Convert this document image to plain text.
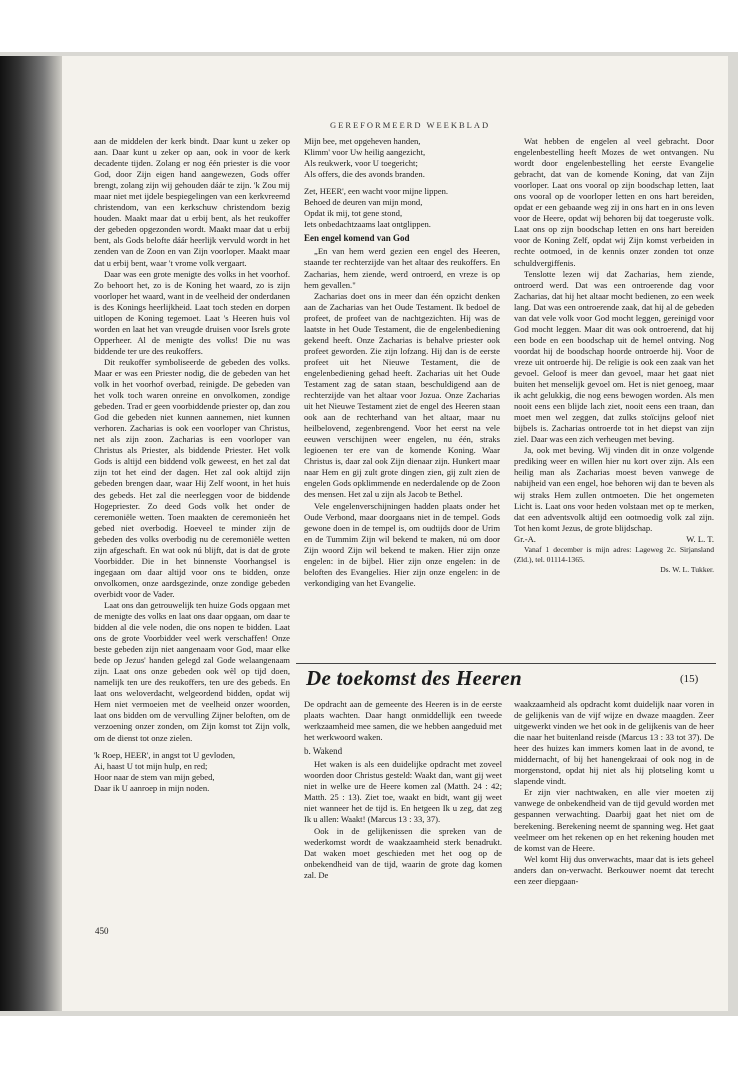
GEREFORMEERD WEEKBLAD

aan de middelen der kerk bindt. Daar kunt u zeker op aan. Daar kunt u zeker op aan, ook in voor de kerk decadente tijden. Zolang er nog één priester is die voor God, door Zijn eigen hand aangewezen, Gods offer brengt, zolang zijn wij gehouden dáár te zijn. 'k Zou mij maar niet met ijdele bespiegelingen van een kerkvreemd christendom, van een kerkschuw christendom bezig houden. Maakt maar dat u erbij bent, als het reukoffer der gebeden opgezonden wordt. Maakt maar dat u erbij bent, als Gods belofte dáár heerlijk vervuld wordt in het zenden van de Zoon en van Zijn voorloper. Maakt maar dat u erbij bent, waar 't vrome volk vergaart.

Daar was een grote menigte des volks in het voorhof. Zo behoort het, zo is de Koning het waard, zo is zijn voorloper het waard, want in de veelheid der onderdanen is des Konings heerlijkheid. Laat toch steden en dorpen uitlopen de Koning tegemoet. Laat 's Heeren huis vol worden en laat het van vreugde druisen voor Isrels grote Opperheer. Al de menigte des volks! Die nu was biddende ter ure des reukoffers.

Dit reukoffer symboliseerde de gebeden des volks. Maar er was een Priester nodig, die de gebeden van het volk in het voorhof overbad, reinigde. De gebeden van het volk toch waren onreine en onvolkomen, zondige gebeden. Trad er geen voorbiddende priester op, dan zou God die gebeden niet kunnen aannemen, niet kunnen verhoren. Zacharias is ook een voorloper van Christus, net als zijn zoon. Zacharias is een voorloper van Christus als Priester, als biddende Priester. Het volk Gods is altijd een biddend volk geweest, en het zal dat zijn tot het eind der dagen. Het zal ook altijd zijn gebeden brengen daar, waar Hij Zelf woont, in het huis des gebeds. Het zal die neerleggen voor de biddende Hogepriester. Zo deed Gods volk het onder de ceremoniële wetten. Toen maakten de ceremonieën het gebed niet overbodig. Hoeveel te minder zijn de gebeden des volks overbodig nu de ceremoniële wetten zijn afgeschaft. En wat ook nú blijft, dat is dat de grote Voorbidder. Die in het binnenste Voorhangsel is ingegaan om daar altijd voor ons te bidden, onze onvolkomen, onze aardsgezinde, onze zondige gebeden overbidt voor de Vader.

Laat ons dan getrouwelijk ten huize Gods opgaan met de menigte des volks en laat ons daar opgaan, om daar te bidden al die vele noden, die ons nopen te bidden. Laat ons de grote Voorbidder veel werk verschaffen! Onze beste gebeden zijn niet aangenaam voor God, maar elke bede op Jezus' handen gelegd zal Gode welaangenaam zijn. Laat ons onze gebeden ook wèl op tijd doen, namelijk ten ure des reukoffers, ten ure des gebeds. En laat ons weloverdacht, welgeordend bidden, opdat wij Hem niet vermoeien met de veelheid onzer woorden, laat ons bidden om de vervulling Zijner beloften, om de verzoening onzer zonden, om Zijn komst tot Zijn volk, om de dienst tot onze zielen.

'k Roep, HEER', in angst tot U gevloden,

Ai, haast U tot mijn hulp, en red;

Hoor naar de stem van mijn gebed,

Daar ik U aanroep in mijn noden.

Mijn bee, met opgeheven handen,

Klimm' voor Uw heilig aangezicht,

Als reukwerk, voor U toegericht;

Als offers, die des avonds branden.

Zet, HEER', een wacht voor mijne lippen.

Behoed de deuren van mijn mond,

Opdat ik mij, tot gene stond,

Iets onbedachtzaams laat ontglippen.

Een engel komend van God

„En van hem werd gezien een engel des Heeren, staande ter rechterzijde van het altaar des reukoffers. En Zacharias, hem ziende, werd ontroerd, en vreze is op hem gevallen."

Zacharias doet ons in meer dan één opzicht denken aan de Zacharias van het Oude Testament. Ik bedoel de profeet, de profeet van de nachtgezichten. Hij was de laatste in het Oude Testament, die de engelenbediening gekend heeft. Onze Zacharias is behalve priester ook profeet geworden. Zie zijn lofzang. Hij dan is de eerste profeet uit het Nieuwe Testament, die de engelenbediening gehad heeft. Zacharias uit het Oude Testament zag de satan staan, beschuldigend aan de rechterzijde van het altaar voor Jozua. Onze Zacharias uit het Nieuwe Testament ziet de engel des Heeren staan ook aan de rechterhand van het altaar, maar nu heilbelovend, zegenbrengend. Voor het eerst na vele eeuwen verschijnen weer engelen, nu één, straks legioenen ter ere van de komende Koning. Waar Christus is, daar zal ook Zijn dienaar zijn. Hunkert maar naar Hem en gij zult grote dingen zien, gij zult zien de engelen Gods opklimmende en nederdalende op de Zoon des mensen. Het zal u zijn als Jacob te Bethel.

Vele engelenverschijningen hadden plaats onder het Oude Verbond, maar doorgaans niet in de tempel. Gods gewone doen in de tempel is, om oudtijds door de Urim en de Tummim Zijn wil bekend te maken, nú om door Zijn woord Zijn wil bekend te maken. Hier zijn onze engelen: in de bijbel. Hier zijn onze engelen: in de beloften des Evangelies. Hier zijn onze engelen: in de verkondiging van het Evangelie.

Wat hebben de engelen al veel gebracht. Door engelenbestelling heeft Mozes de wet ontvangen. Nu wordt door engelenbestelling het eerste Evangelie gebracht, dat van de komende Koning, dat van Zijn voorloper. Laat ons vooral op zijn boodschap letten, laat ons vooral op de voorloper letten en ons hart bereiden, opdat er een gebaande weg zij in ons hart en in ons leven voor de Heere, opdat wij behoren bij dat toegeruste volk. Laat ons op zijn boodschap letten en ons hart bereiden voor de Koning Zelf, opdat wij Zijn komst verbeiden in rechte ootmoed, in de kennis onzer zonden tot onze schuldvergiffenis.

Tenslotte lezen wij dat Zacharias, hem ziende, ontroerd werd. Dat was een ontroerende dag voor Zacharias, dat hij het altaar mocht bedienen, zo een week lang. Dat was een ontroerende zaak, dat hij al de gebeden van dat vele volk voor God mocht leggen, gereinigd voor God mocht leggen. Maar dit was ook ontroerend, dat hij een bode en een boodschap uit de hemel ontving. Nog voordat hij de boodschap hoorde ontroerde hij. Voor de vreze uit ontroerde hij. De religie is ook een zaak van het gevoel. Geloof is meer dan gevoel, maar het gaat niet buiten het menselijk gevoel om. Het is niet genoeg, maar ik acht gelukkig, die nog eens bewogen worden. Als men nooit eens een blijde lach ziet, nooit eens een traan, dan moet men wel zeggen, dat zulks stoïcijns geloof niet bijbels is. Zacharias ontroerde tot in het diepst van zijn ziel. Daar was een zich verheugen met beving.

Ja, ook met beving. Wij vinden dit in onze volgende prediking weer en willen hier nu kort over zijn. Als een heilig man als Zacharias moest beven vanwege de nabijheid van een engel, hoe behoren wij dan te beven als wij straks Hem zullen ontmoeten. Die het ongemeten Licht is. Laat ons voor heden volstaan met op te merken, dat een adventsvolk altijd een ootmoedig volk zal zijn. Tot hen komt Jezus, de grote blijdschap.

Gr.-A.	W. L. T.

Vanaf 1 december is mijn adres: Lageweg 2c. Sirjansland (Zld.), tel. 01114-1365.

Ds. W. L. Tukker.

De toekomst des Heeren	(15)

De opdracht aan de gemeente des Heeren is in de eerste plaats wachten. Daar hangt onmiddellijk een tweede werkzaamheid mee samen, die we hebben aangeduid met het werkwoord waken.

b. Wakend

Het waken is als een duidelijke opdracht met zoveel woorden door Christus gesteld: Waakt dan, want gij weet niet in welke ure de Heere komen zal (Matth. 24 : 42; Matth. 25 : 13). Ziet toe, waakt en bidt, want gij weet niet wanneer het de tijd is. En hetgeen Ik u zeg, dat zeg Ik u allen: Waakt! (Marcus 13 : 33, 37).

Ook in de gelijkenissen die spreken van de wederkomst wordt de waakzaamheid sterk benadrukt. Dat waken moet geschieden met het oog op de onbekendheid van de tijd, waarin de grote dag komen zal. De

waakzaamheid als opdracht komt duidelijk naar voren in de gelijkenis van de vijf wijze en dwaze maagden. Zeer uitgewerkt vinden we het ook in de gelijkenis van de heer die naar het buitenland reisde (Marcus 13 : 33 tot 37). De heer des huizes kan immers komen laat in de avond, te middernacht, of bij het hanengekraai of ook nog in de morgenstond, opdat hij niet als hij plotseling komt u slapende vindt.

Er zijn vier nachtwaken, en alle vier moeten zij vanwege de onbekendheid van de tijd gevuld worden met gespannen verwachting. Daarbij gaat het niet om de berekening. Berekening neemt de spanning weg. Het gaat veelmeer om het rekenen op en het rekening houden met de komst van de Heere.

Wel komt Hij dus onverwachts, maar dat is iets geheel anders dan on-verwacht. Berkouwer noemt dat terecht een zeer diepgaan-

450
